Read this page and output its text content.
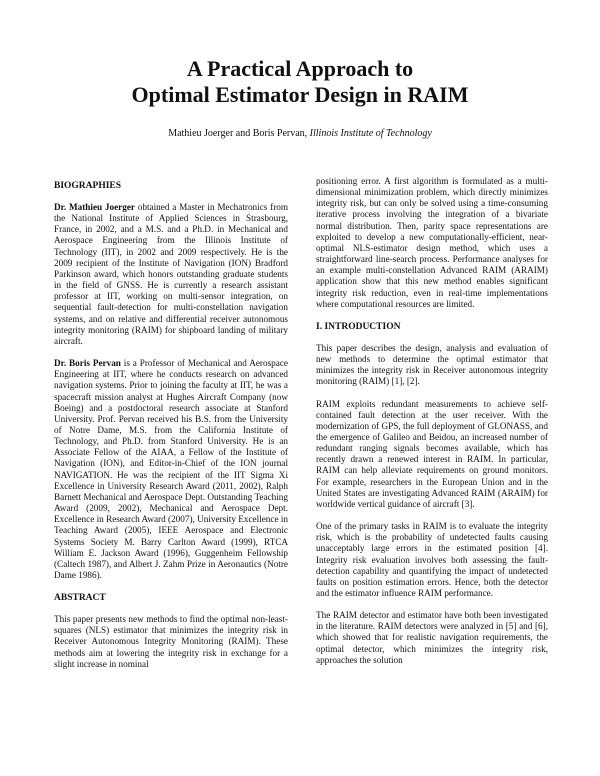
A Practical Approach to
Optimal Estimator Design in RAIM
Mathieu Joerger and Boris Pervan, Illinois Institute of Technology
BIOGRAPHIES

Dr. Mathieu Joerger obtained a Master in Mechatronics from the National Institute of Applied Sciences in Strasbourg, France, in 2002, and a M.S. and a Ph.D. in Mechanical and Aerospace Engineering from the Illinois Institute of Technology (IIT), in 2002 and 2009 respectively. He is the 2009 recipient of the Institute of Navigation (ION) Bradford Parkinson award, which honors outstanding graduate students in the field of GNSS. He is currently a research assistant professor at IIT, working on multi-sensor integration, on sequential fault-detection for multi-constellation navigation systems, and on relative and differential receiver autonomous integrity monitoring (RAIM) for shipboard landing of military aircraft.

Dr. Boris Pervan is a Professor of Mechanical and Aerospace Engineering at IIT, where he conducts research on advanced navigation systems. Prior to joining the faculty at IIT, he was a spacecraft mission analyst at Hughes Aircraft Company (now Boeing) and a postdoctoral research associate at Stanford University. Prof. Pervan received his B.S. from the University of Notre Dame, M.S. from the California Institute of Technology, and Ph.D. from Stanford University. He is an Associate Fellow of the AIAA, a Fellow of the Institute of Navigation (ION), and Editor-in-Chief of the ION journal NAVIGATION. He was the recipient of the IIT Sigma Xi Excellence in University Research Award (2011, 2002), Ralph Barnett Mechanical and Aerospace Dept. Outstanding Teaching Award (2009, 2002), Mechanical and Aerospace Dept. Excellence in Research Award (2007), University Excellence in Teaching Award (2005), IEEE Aerospace and Electronic Systems Society M. Barry Carlton Award (1999), RTCA William E. Jackson Award (1996), Guggenheim Fellowship (Caltech 1987), and Albert J. Zahm Prize in Aeronautics (Notre Dame 1986).

ABSTRACT

This paper presents new methods to find the optimal non-least-squares (NLS) estimator that minimizes the integrity risk in Receiver Autonomous Integrity Monitoring (RAIM). These methods aim at lowering the integrity risk in exchange for a slight increase in nominal

positioning error. A first algorithm is formulated as a multi-dimensional minimization problem, which directly minimizes integrity risk, but can only be solved using a time-consuming iterative process involving the integration of a bivariate normal distribution. Then, parity space representations are exploited to develop a new computationally-efficient, near-optimal NLS-estimator design method, which uses a straightforward line-search process. Performance analyses for an example multi-constellation Advanced RAIM (ARAIM) application show that this new method enables significant integrity risk reduction, even in real-time implementations where computational resources are limited.

I. INTRODUCTION

This paper describes the design, analysis and evaluation of new methods to determine the optimal estimator that minimizes the integrity risk in Receiver autonomous integrity monitoring (RAIM) [1], [2].

RAIM exploits redundant measurements to achieve self-contained fault detection at the user receiver. With the modernization of GPS, the full deployment of GLONASS, and the emergence of Galileo and Beidou, an increased number of redundant ranging signals becomes available, which has recently drawn a renewed interest in RAIM. In particular, RAIM can help alleviate requirements on ground monitors. For example, researchers in the European Union and in the United States are investigating Advanced RAIM (ARAIM) for worldwide vertical guidance of aircraft [3].

One of the primary tasks in RAIM is to evaluate the integrity risk, which is the probability of undetected faults causing unacceptably large errors in the estimated position [4]. Integrity risk evaluation involves both assessing the fault-detection capability and quantifying the impact of undetected faults on position estimation errors. Hence, both the detector and the estimator influence RAIM performance.

The RAIM detector and estimator have both been investigated in the literature. RAIM detectors were analyzed in [5] and [6], which showed that for realistic navigation requirements, the optimal detector, which minimizes the integrity risk, approaches the solution
